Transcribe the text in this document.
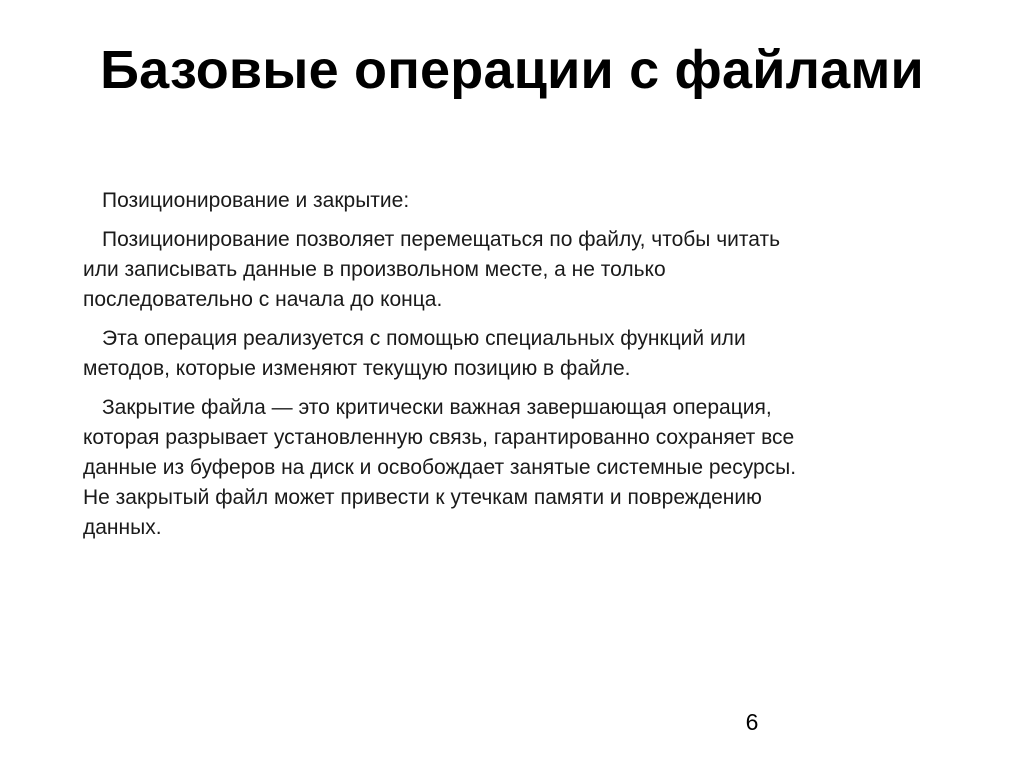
Базовые операции с файлами

Позиционирование и закрытие:

Позиционирование позволяет перемещаться по файлу, чтобы читать
или записывать данные в произвольном месте, а не только
последовательно с начала до конца.

Эта операция реализуется с помощью специальных функций или
методов, которые изменяют текущую позицию в файле.

Закрытие файла — это критически важная завершающая операция,
которая разрывает установленную связь, гарантированно сохраняет все
данные из буферов на диск и освобождает занятые системные ресурсы.
Не закрытый файл может привести к утечкам памяти и повреждению
данных.

6
